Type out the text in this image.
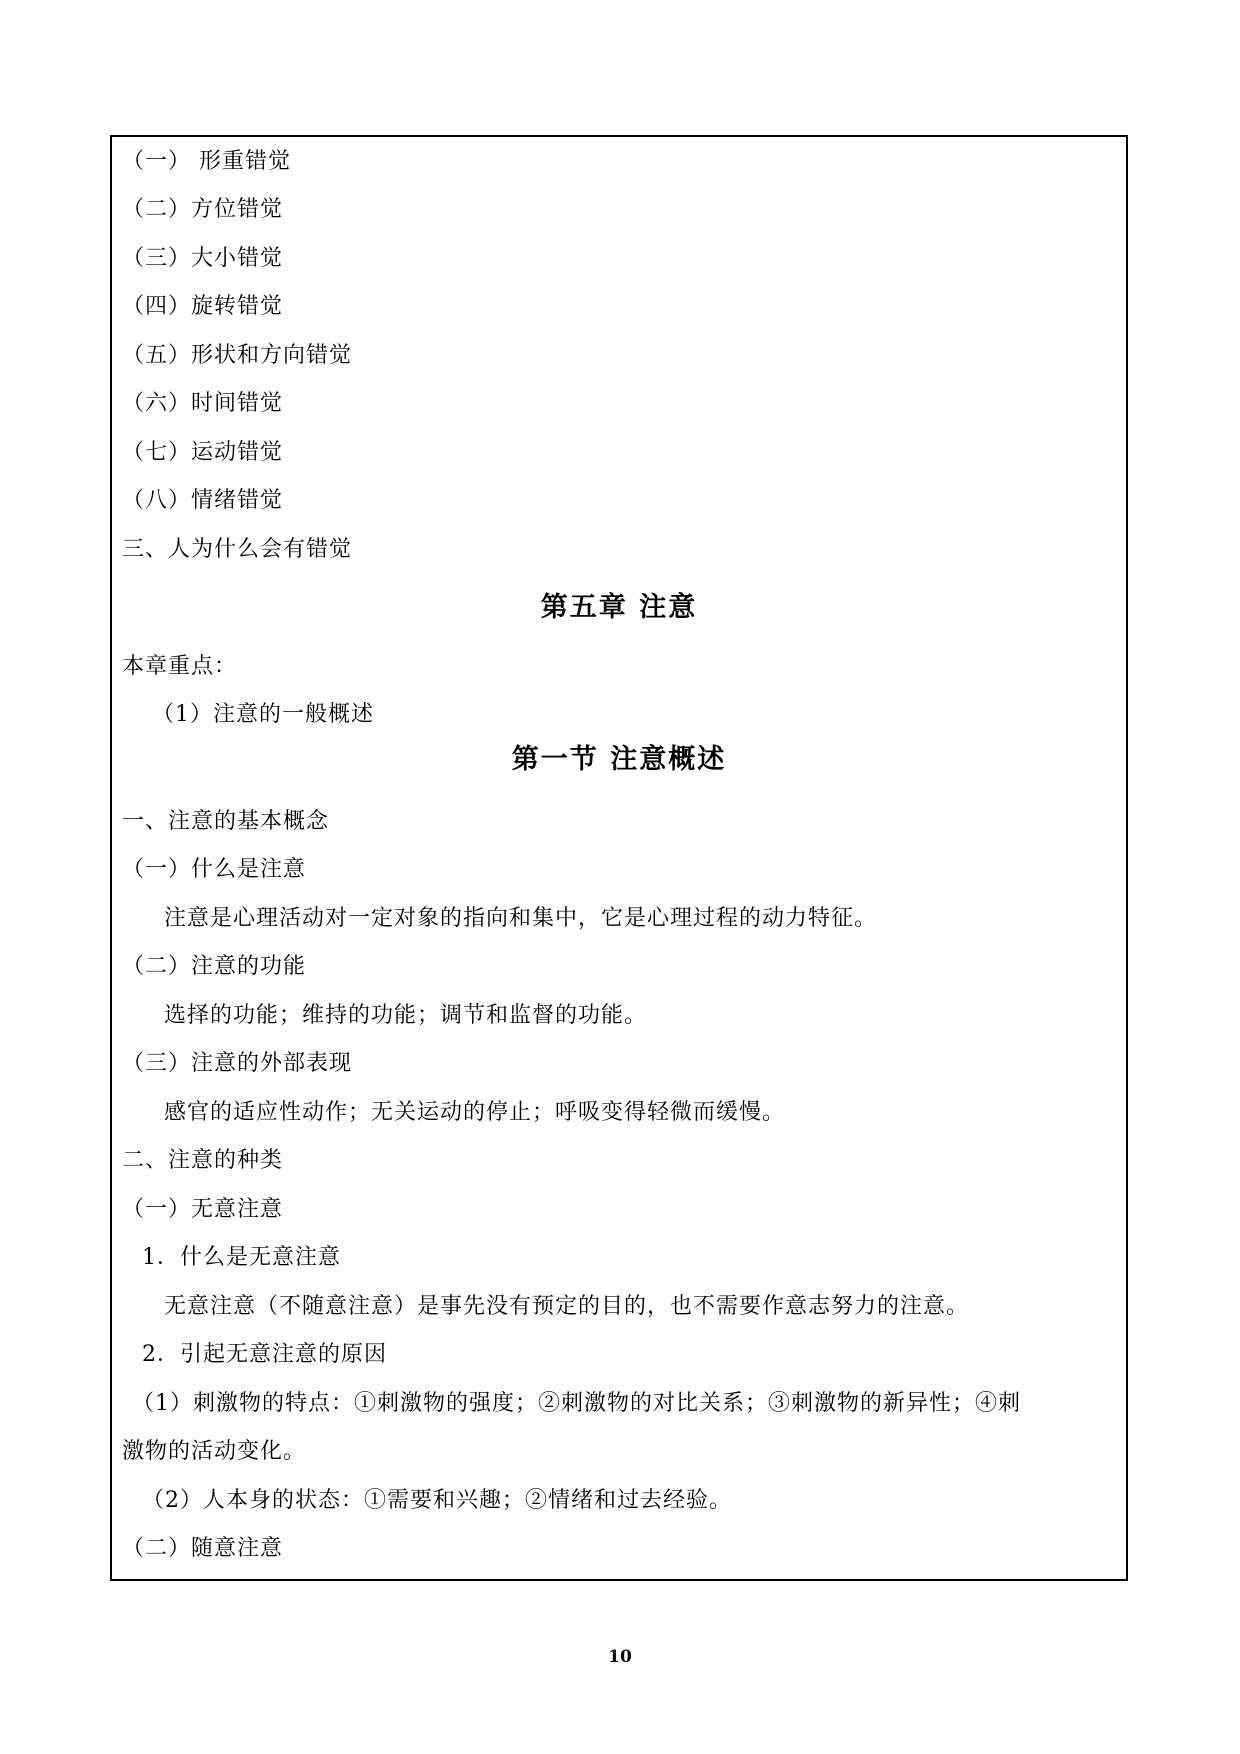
第五章 注意
第一节 注意概述
（一） 形重错觉
（二）方位错觉
（三）大小错觉
（四）旋转错觉
（五）形状和方向错觉
（六）时间错觉
（七）运动错觉
（八）情绪错觉
三、人为什么会有错觉
本章重点：
（1）注意的一般概述
一、注意的基本概念
（一）什么是注意
注意是心理活动对一定对象的指向和集中，它是心理过程的动力特征。
（二）注意的功能
选择的功能；维持的功能；调节和监督的功能。
（三）注意的外部表现
感官的适应性动作；无关运动的停止；呼吸变得轻微而缓慢。
二、注意的种类
（一）无意注意
1．什么是无意注意
无意注意（不随意注意）是事先没有预定的目的，也不需要作意志努力的注意。
2．引起无意注意的原因
（1）刺激物的特点：①刺激物的强度；②刺激物的对比关系；③刺激物的新异性；④刺
激物的活动变化。
（2）人本身的状态：①需要和兴趣；②情绪和过去经验。
（二）随意注意
10
